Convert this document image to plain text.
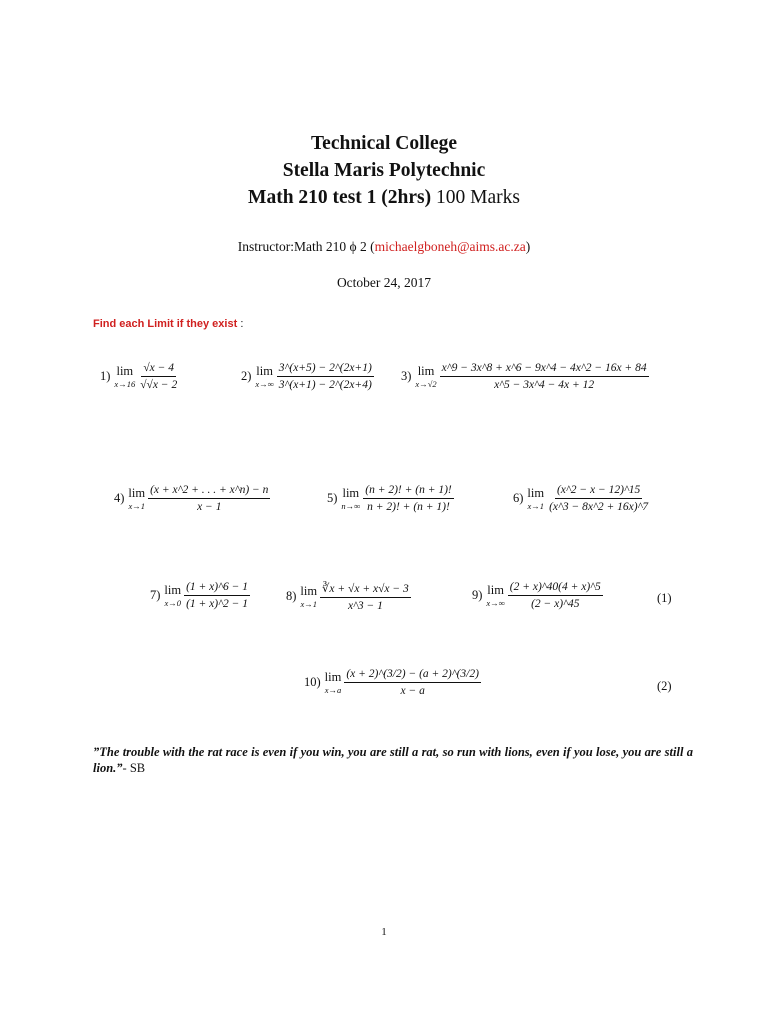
Technical College
Stella Maris Polytechnic
Math 210 test 1 (2hrs) 100 Marks
Instructor:Math 210 ϕ 2 (michaelgboneh@aims.ac.za)
October 24, 2017
Find each Limit if they exist :
1) lim
$x\to 16 \frac{√x - 4}{√√x - 2}$	2) lim
$x\to\infty \frac{3\^{}(x+5) - 2\^{}(2x+1)}{3\^{}(x+1) - 2\^{}(2x+4)} 3$) lim
$x\to√2 \frac{x\^{}9 - 3x\^{}8 + x\^{}6 - 9x\^{}4 - 4x\^{}2 - 16x + 84}{x\^{}5 - 3x\^{}4 - 4x + 12}$
4) lim
$x\to 1 \frac{(x + x\^{}2 + . . . + x\^{}n) - n}{x - 1}$	5) lim
$n\to\infty \frac{(n + 2)! + (n + 1)!}{n + 2)! + (n + 1)!}$	6) lim
$x\to 1 \frac{(x\^{}2 - x - 12)\^{}15}{(x\^{}3 - 8x\^{}2 + 16x)\^{}7}$
7) lim
$x\to 0 \frac{(1 + x)\^{}6 - 1}{(1 + x)\^{}2 - 1}$	8) lim
$x\to 1 \frac{∛x + √x + x√x - 3}{x\^{}3 - 1}$	9) lim
$x\to\infty \frac{(2 + x)\^{}40(4 + x)\^{}5}{(2 - x)\^{}45}$	(1)
10) lim
$x\to a \frac{(x + 2)\^{}(3/2) - (a + 2)\^{}(3/2)}{x - a}$	(2)
”The trouble with the rat race is even if you win, you are still a rat, so run with lions, even if you lose, you are still a lion.”- SB
1
